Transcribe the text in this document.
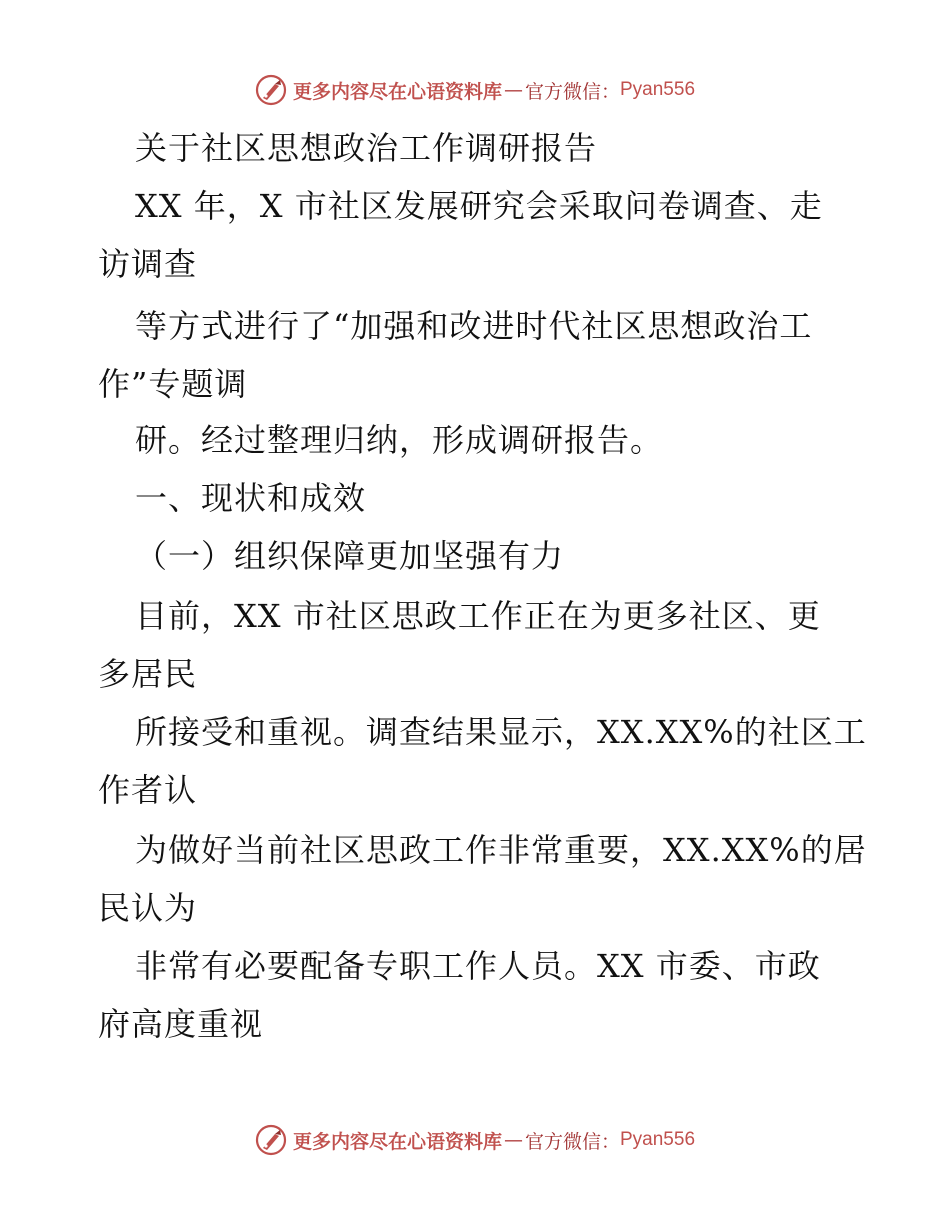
更多内容尽在心语资料库 — 官方微信： Pyan556
关于社区思想政治工作调研报告
XX 年，X 市社区发展研究会采取问卷调查、走
访调查
等方式进行了“加强和改进时代社区思想政治工
作”专题调
研。经过整理归纳，形成调研报告。
一、现状和成效
（一）组织保障更加坚强有力
目前，XX 市社区思政工作正在为更多社区、更
多居民
所接受和重视。调查结果显示，XX.XX%的社区工
作者认
为做好当前社区思政工作非常重要，XX.XX%的居
民认为
非常有必要配备专职工作人员。XX 市委、市政
府高度重视
更多内容尽在心语资料库 — 官方微信： Pyan556
